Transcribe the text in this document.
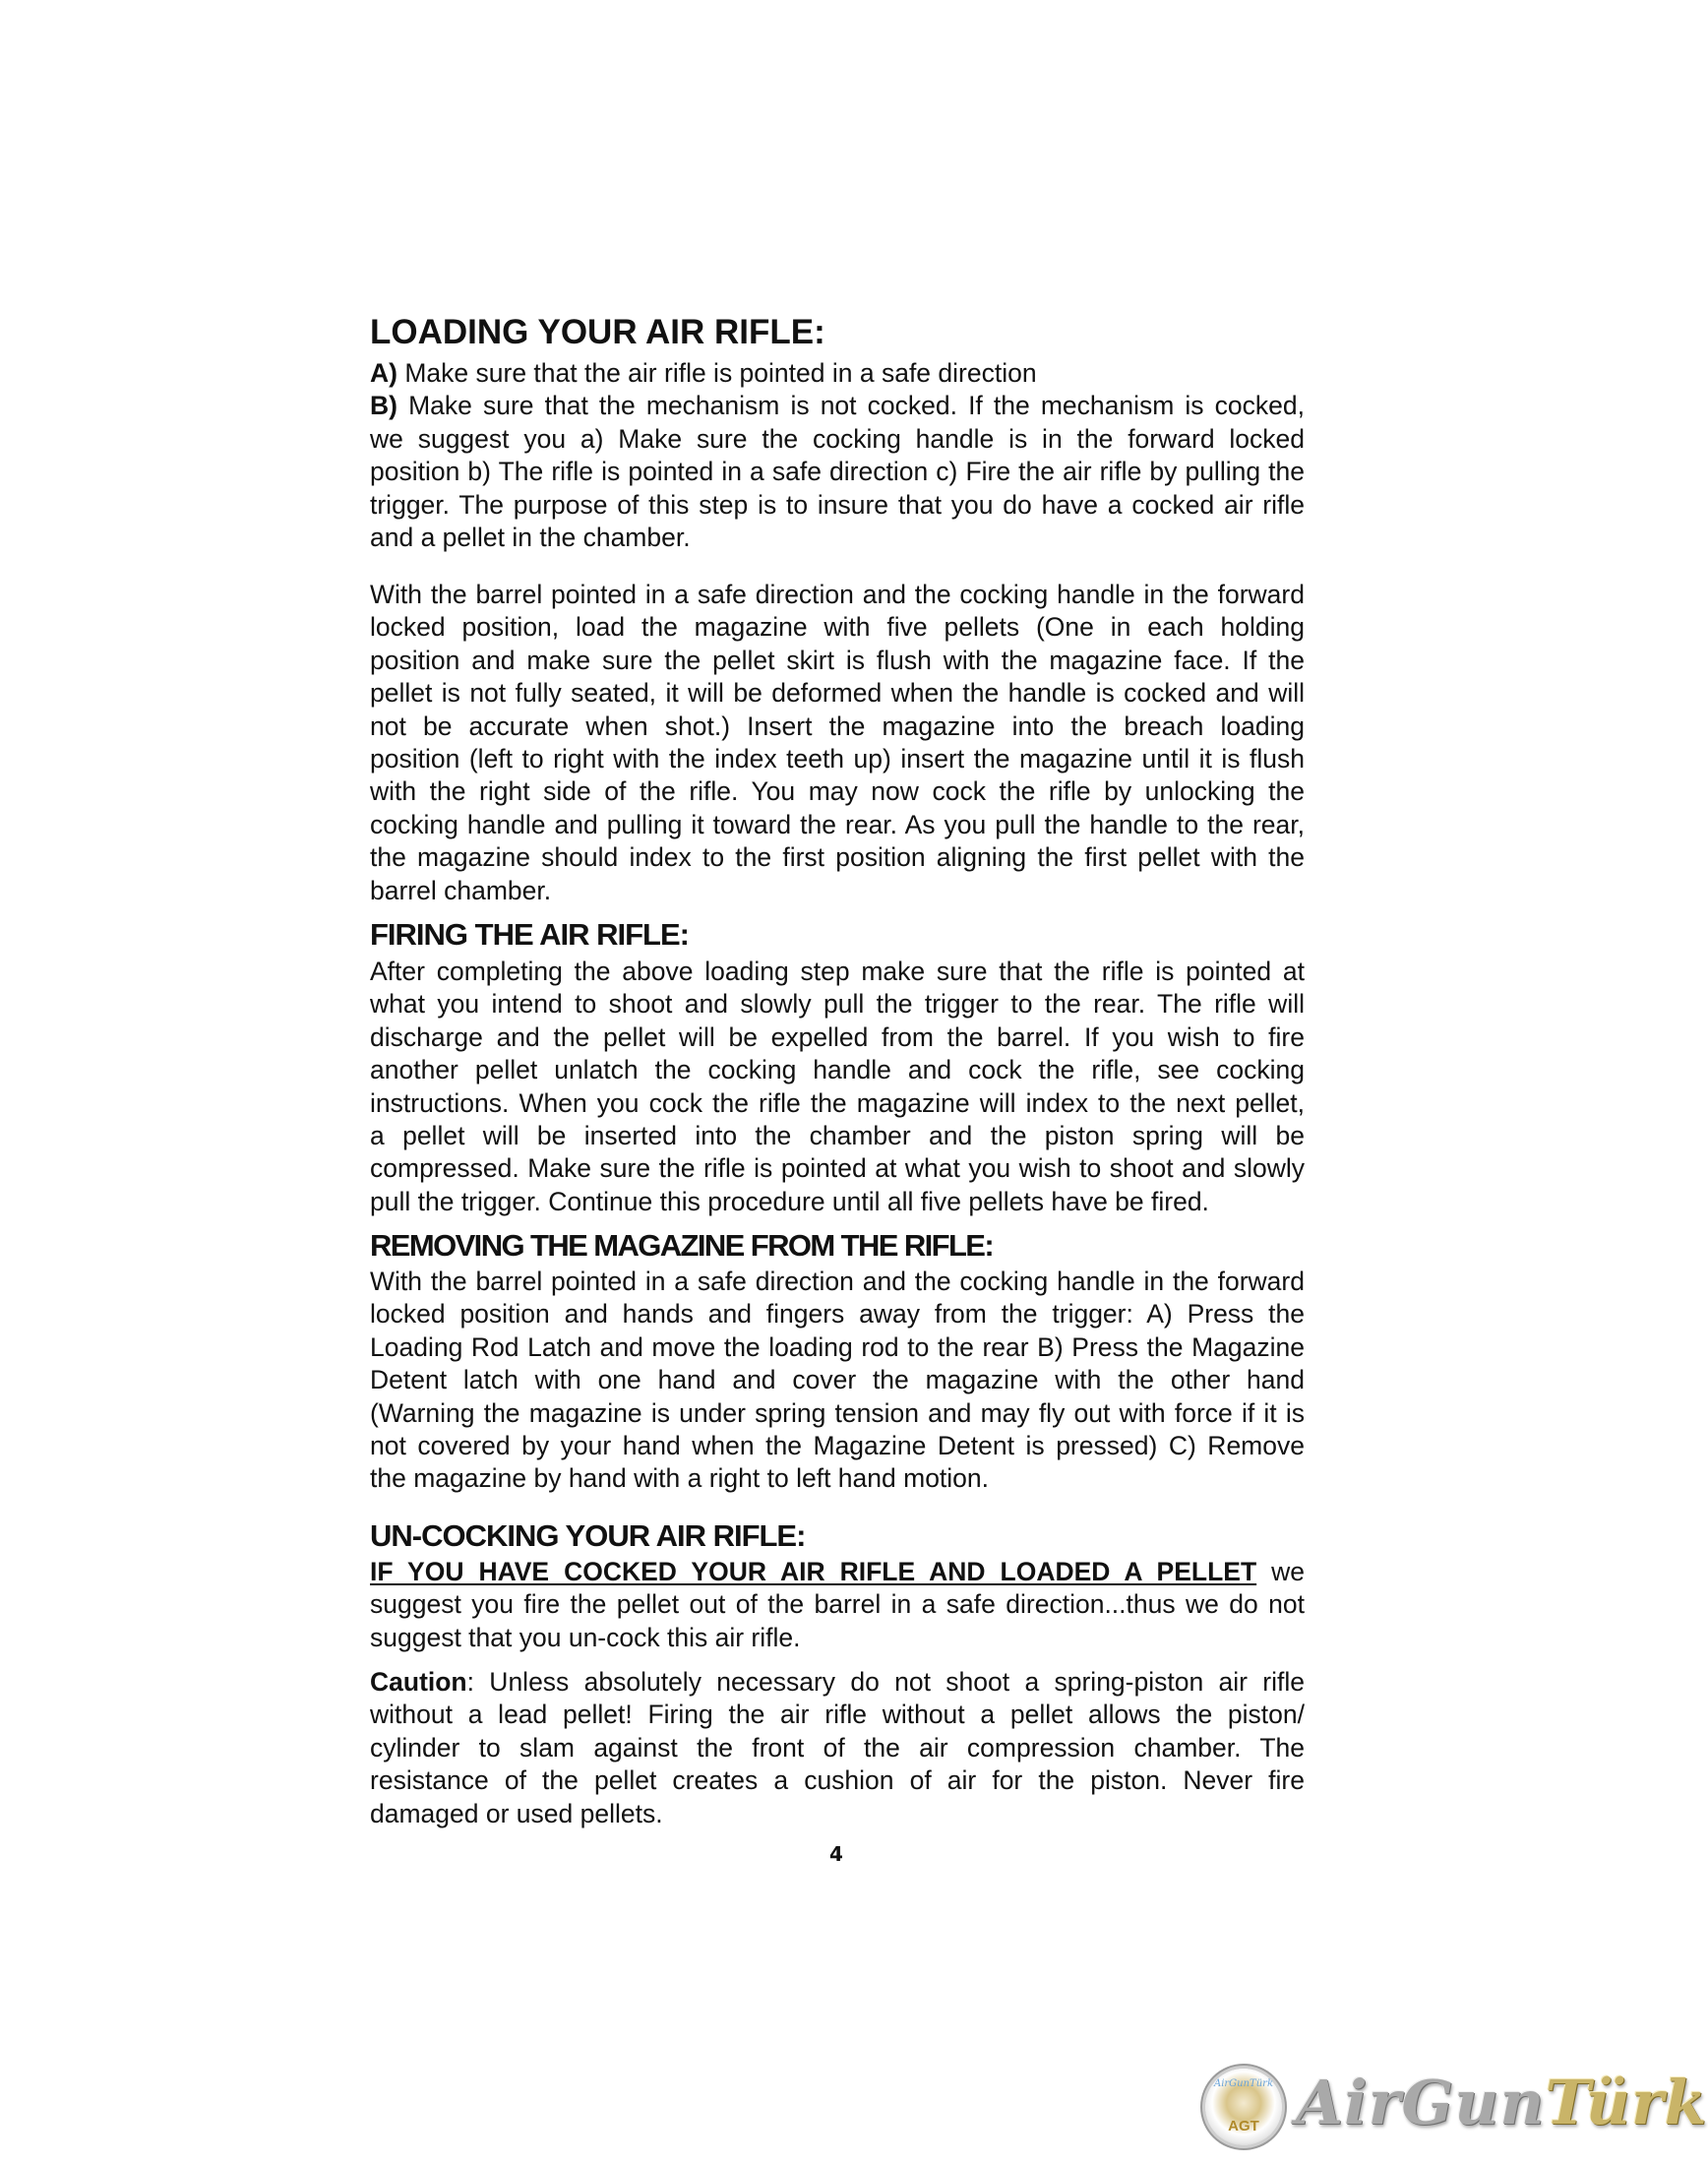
LOADING YOUR AIR RIFLE:
A) Make sure that the air rifle is pointed in a safe direction
B) Make sure that the mechanism is not cocked. If the mechanism is cocked,
we suggest you a) Make sure the cocking handle is in the forward locked
position b) The rifle is pointed in a safe direction c) Fire the air rifle by pulling the
trigger. The purpose of this step is to insure that you do have a cocked air rifle
and a pellet in the chamber.
With the barrel pointed in a safe direction and the cocking handle in the forward
locked position, load the magazine with five pellets (One in each holding
position and make sure the pellet skirt is flush with the magazine face. If the
pellet is not fully seated, it will be deformed when the handle is cocked and will
not be accurate when shot.) Insert the magazine into the breach loading
position (left to right with the index teeth up) insert the magazine until it is flush
with the right side of the rifle. You may now cock the rifle by unlocking the
cocking handle and pulling it toward the rear. As you pull the handle to the rear,
the magazine should index to the first position aligning the first pellet with the
barrel chamber.
FIRING THE AIR RIFLE:
After completing the above loading step make sure that the rifle is pointed at
what you intend to shoot and slowly pull the trigger to the rear. The rifle will
discharge and the pellet will be expelled from the barrel. If you wish to fire
another pellet unlatch the cocking handle and cock the rifle, see cocking
instructions. When you cock the rifle the magazine will index to the next pellet,
a pellet will be inserted into the chamber and the piston spring will be
compressed. Make sure the rifle is pointed at what you wish to shoot and slowly
pull the trigger. Continue this procedure until all five pellets have be fired.
REMOVING THE MAGAZINE FROM THE RIFLE:
With the barrel pointed in a safe direction and the cocking handle in the forward
locked position and hands and fingers away from the trigger: A) Press the
Loading Rod Latch and move the loading rod to the rear B) Press the Magazine
Detent latch with one hand and cover the magazine with the other hand
(Warning the magazine is under spring tension and may fly out with force if it is
not covered by your hand when the Magazine Detent is pressed) C) Remove
the magazine by hand with a right to left hand motion.
UN-COCKING YOUR AIR RIFLE:
IF YOU HAVE COCKED YOUR AIR RIFLE AND LOADED A PELLET we
suggest you fire the pellet out of the barrel in a safe direction...thus we do not
suggest that you un-cock this air rifle.
Caution: Unless absolutely necessary do not shoot a spring-piston air rifle
without a lead pellet! Firing the air rifle without a pellet allows the piston/
cylinder to slam against the front of the air compression chamber. The
resistance of the pellet creates a cushion of air for the piston. Never fire
damaged or used pellets.
4
AirGunTürk
AGT AirGunTürk
